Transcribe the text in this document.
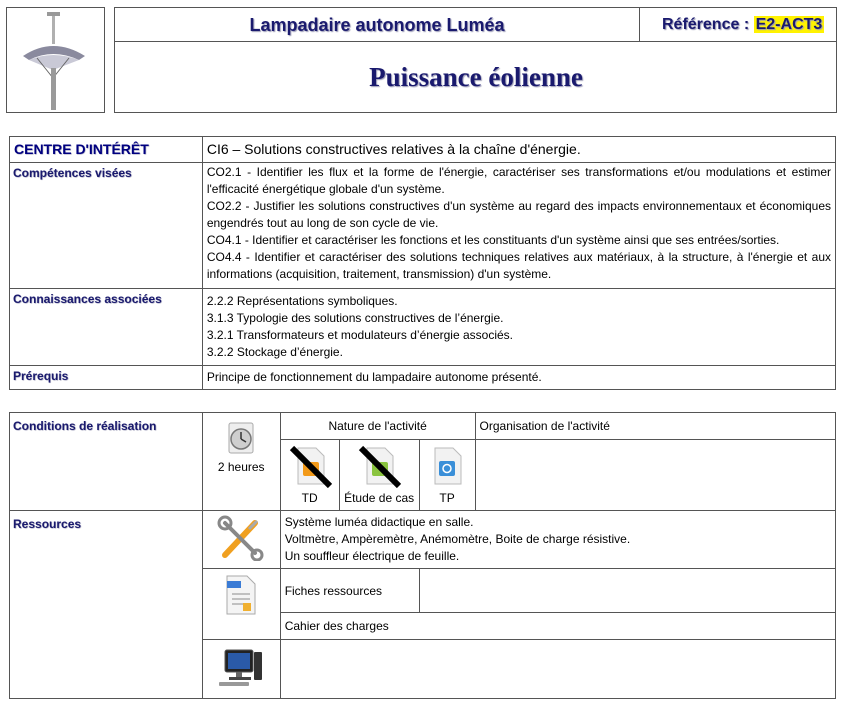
Lampadaire autonome Luméa	Référence : E2-ACT3
Puissance éolienne
CENTRE D'INTÉRÊT	CI6 – Solutions constructives relatives à la chaîne d'énergie.
Compétences visées	CO2.1 - Identifier les flux et la forme de l'énergie, caractériser ses transformations et/ou modulations et estimer l'efficacité énergétique globale d'un système.
CO2.2 - Justifier les solutions constructives d'un système au regard des impacts environnementaux et économiques engendrés tout au long de son cycle de vie.
CO4.1 - Identifier et caractériser les fonctions et les constituants d'un système ainsi que ses entrées/sorties.
CO4.4 - Identifier et caractériser des solutions techniques relatives aux matériaux, à la structure, à l'énergie et aux informations (acquisition, traitement, transmission) d'un système.

Connaissances associées	2.2.2 Représentations symboliques.
3.1.3 Typologie des solutions constructives de l’énergie.
3.2.1 Transformateurs et modulateurs d’énergie associés.
3.2.2 Stockage d’énergie.

Prérequis	Principe de fonctionnement du lampadaire autonome présenté.
Conditions de réalisation	2 heures	Nature de l'activité			Organisation de l'activité

		TD	Étude de cas	TP	

Ressources		Système luméa didactique en salle.
Voltmètre, Ampèremètre, Anémomètre, Boite de charge résistive.
Un souffleur électrique de feuille.			

	Fiches ressources			
		Cahier des charges			
